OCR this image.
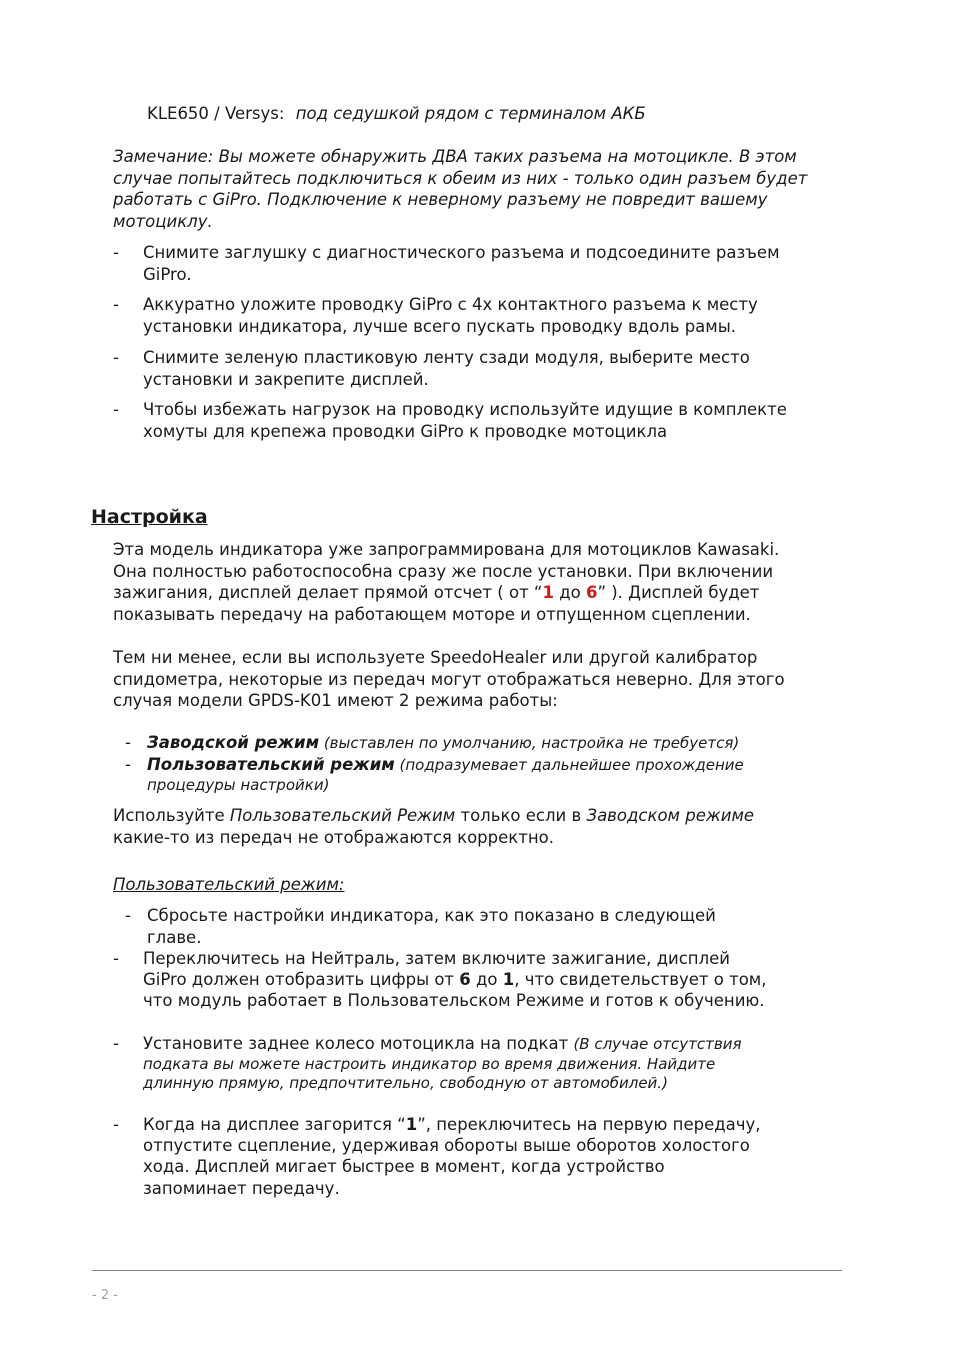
KLE650 / Versys: под седушкой рядом с терминалом АКБ
Замечание: Вы можете обнаружить ДВА таких разъема на мотоцикле. В этом
случае попытайтесь подключиться к обеим из них - только один разъем будет
работать с GiPro. Подключение к неверному разъему не повредит вашему
мотоциклу.
-	Снимите заглушку с диагностического разъема и подсоедините разъем
GiPro.
-	Аккуратно уложите проводку GiPro с 4х контактного разъема к месту
установки индикатора, лучше всего пускать проводку вдоль рамы.
-	Снимите зеленую пластиковую ленту сзади модуля, выберите место
установки и закрепите дисплей.
-	Чтобы избежать нагрузок на проводку используйте идущие в комплекте
хомуты для крепежа проводки GiPro к проводке мотоцикла
Настройка
Эта модель индикатора уже запрограммирована для мотоциклов Kawasaki.
Она полностью работоспособна сразу же после установки. При включении
зажигания, дисплей делает прямой отсчет ( от “1 до 6” ). Дисплей будет
показывать передачу на работающем моторе и отпущенном сцеплении.
Тем ни менее, если вы используете SpeedoHealer или другой калибратор
спидометра, некоторые из передач могут отображаться неверно. Для этого
случая модели GPDS-K01 имеют 2 режима работы:
- Заводской режим (выставлен по умолчанию, настройка не требуется)
- Пользовательский режим (подразумевает дальнейшее прохождение
процедуры настройки)
Используйте Пользовательский Режим только если в Заводском режиме
какие-то из передач не отображаются корректно.
Пользовательский режим:
- Сбросьте настройки индикатора, как это показано в следующей
главе.
-	Переключитесь на Нейтраль, затем включите зажигание, дисплей
GiPro должен отобразить цифры от 6 до 1, что свидетельствует о том,
что модуль работает в Пользовательском Режиме и готов к обучению.
-	Установите заднее колесо мотоцикла на подкат (В случае отсутствия
подката вы можете настроить индикатор во время движения. Найдите
длинную прямую, предпочтительно, свободную от автомобилей.)
-	Когда на дисплее загорится “1”, переключитесь на первую передачу,
отпустите сцепление, удерживая обороты выше оборотов холостого
хода. Дисплей мигает быстрее в момент, когда устройство
запоминает передачу.
- 2 -
